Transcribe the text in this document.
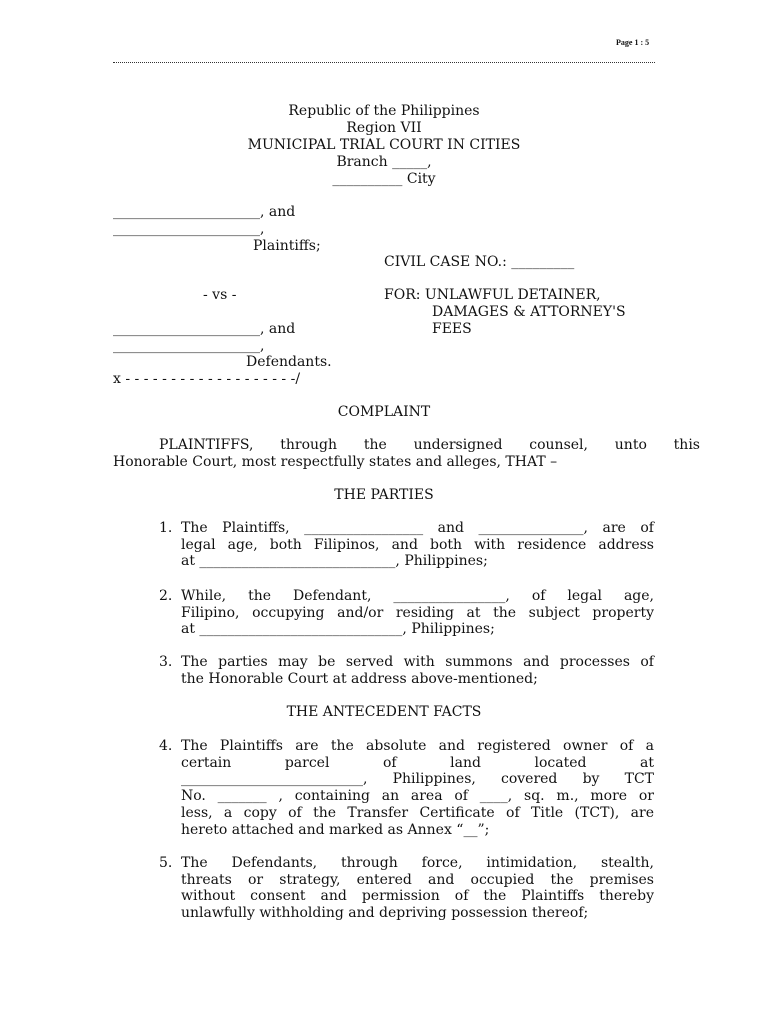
Page 1 : 5
Republic of the Philippines
Region VII
MUNICIPAL TRIAL COURT IN CITIES
Branch _____,
__________ City
_____________________, and
_____________________,
Plaintiffs;
CIVIL CASE NO.: _________
- vs -	FOR: UNLAWFUL DETAINER,
DAMAGES & ATTORNEY'S
FEES
_____________________, and
_____________________,
Defendants.
x - - - - - - - - - - - - - - - - - - -/
COMPLAINT
PLAINTIFFS, through the undersigned counsel, unto this
Honorable Court, most respectfully states and alleges, THAT –
THE PARTIES
1. The Plaintiffs, _________________ and _______________, are of
legal age, both Filipinos, and both with residence address
at ____________________________, Philippines;
2. While, the Defendant, ________________, of legal age,
Filipino, occupying and/or residing at the subject property
at _____________________________, Philippines;
3. The parties may be served with summons and processes of
the Honorable Court at address above-mentioned;
THE ANTECEDENT FACTS
4. The Plaintiffs are the absolute and registered owner of a
certain parcel of land located at
__________________________, Philippines, covered by TCT
No. _______ , containing an area of ____, sq. m., more or
less, a copy of the Transfer Certificate of Title (TCT), are
hereto attached and marked as Annex “__”;
5. The Defendants, through force, intimidation, stealth,
threats or strategy, entered and occupied the premises
without consent and permission of the Plaintiffs thereby
unlawfully withholding and depriving possession thereof;
